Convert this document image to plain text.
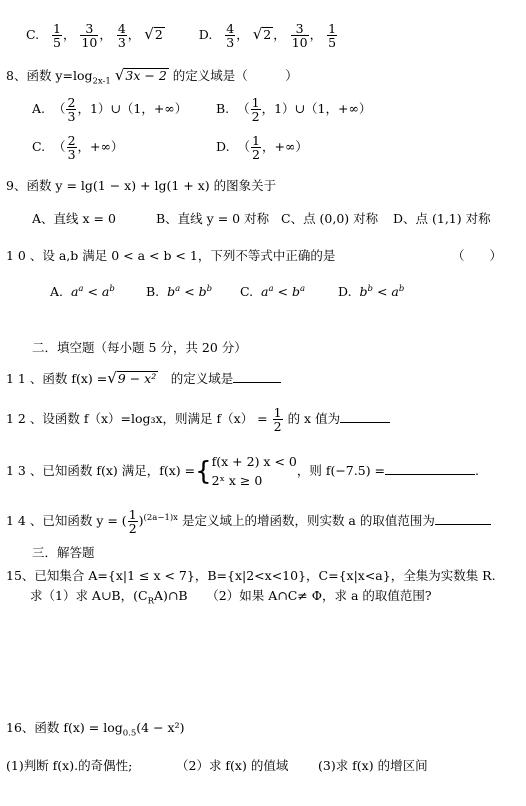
C. $\frac{1}{5}$ ， $\frac{3}{10}$ ， $\frac{4}{3}$ ， √2	D. $\frac{4}{3}$ ， √2 ， $\frac{3}{10}$ ， $\frac{1}{5}$
8、函数 $y=\log_{2x-1}$ √3x − 2 的定义域是（　　　）
A. （ $\frac{2}{3}$ ，1）∪（1，+∞） B. （ $\frac{1}{2}$ ，1）∪（1，+∞）
C. （ $\frac{2}{3}$ ，+∞）	D. （ $\frac{1}{2}$ ，+∞）
9、函数 y = lg(1 − x) + lg(1 + x) 的图象关于
A、直线 x = 0	B、直线 y = 0 对称 C、点 (0,0) 对称 D、点 (1,1) 对称
1 0 、设 a,b 满足 0 < a < b < 1，下列不等式中正确的是	（　　）
A. $a^a < a^b$ B. $b^a < b^b$ C. $a^a < b^a$	D. $b^b < a^b$
二．填空题（每小题 5 分，共 20 分）
1 1 、函数 f(x) =√9 − x²　的定义域是
1 2 、设函数 f（x）=log₃x，则满足 $f(x) = \frac{1}{2}$ 的 x 值为
1 3 、已知函数 f(x) 满足，f(x) ={ f(x + 2) x < 0
2ˣ x ≥ 0
，则 f(−7.5) =	.
1 4 、已知函数 y = ( $\frac{1}{2} )^{(2a-1)x}$ 是定义域上的增函数，则实数 a 的取值范围为
三．解答题
15、已知集合 A={x|1 ≤ x < 7}，B={x|2<x<10}，C={x|x<a}，全集为实数集 R.
求（1）求 A∪B，$(C_RA)\cap B$　　（2）如果 A∩C≠ Φ，求 a 的取值范围?
16、函数 $f(x) = \log_{0.5}(4 - x^2)$
(1)判断 f(x).的奇偶性;	（2）求 f(x) 的值域 (3)求 f(x) 的增区间
